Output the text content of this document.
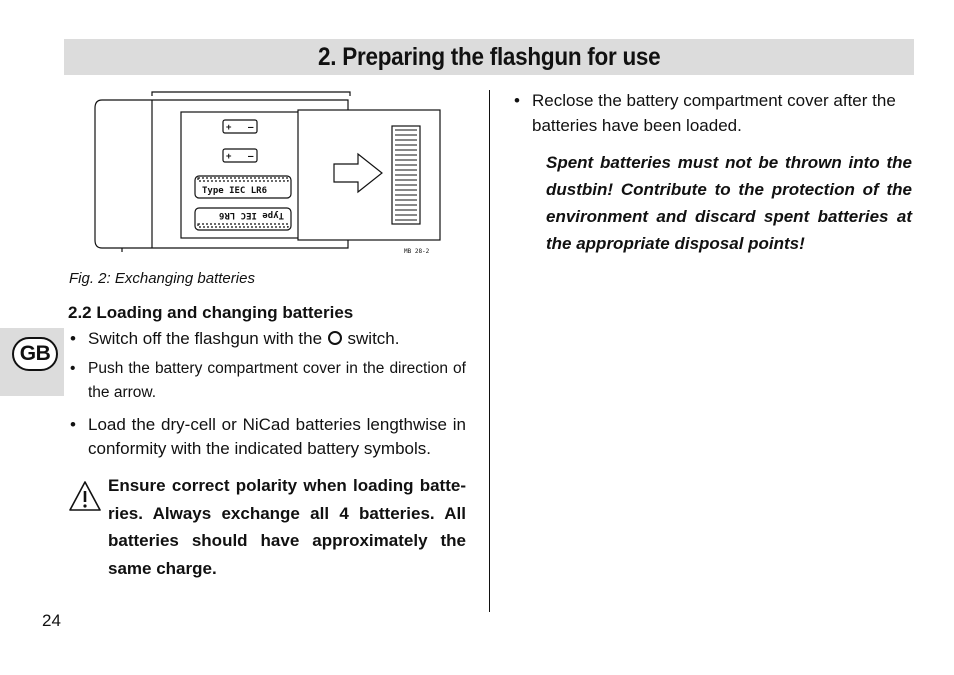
2. Preparing the flashgun for use
GB
+ –
+ –
Type IEC LR6
Type IEC LR6
MB 28-2
Fig. 2: Exchanging batteries
2.2 Loading and changing batteries
• Switch off the flashgun with the switch.
• Push the battery compartment cover in the direction of the arrow.
• Load the dry-cell or NiCad batteries lengthwise in conformity with the indicated battery symbols.
Ensure correct polarity when loading batte-ries. Always exchange all 4 batteries. All batteries should have approximately the same charge.
• Reclose the battery compartment cover after the batteries have been loaded.
Spent batteries must not be thrown into the dustbin! Contribute to the protection of the environment and discard spent batteries at the appropriate disposal points!
24
